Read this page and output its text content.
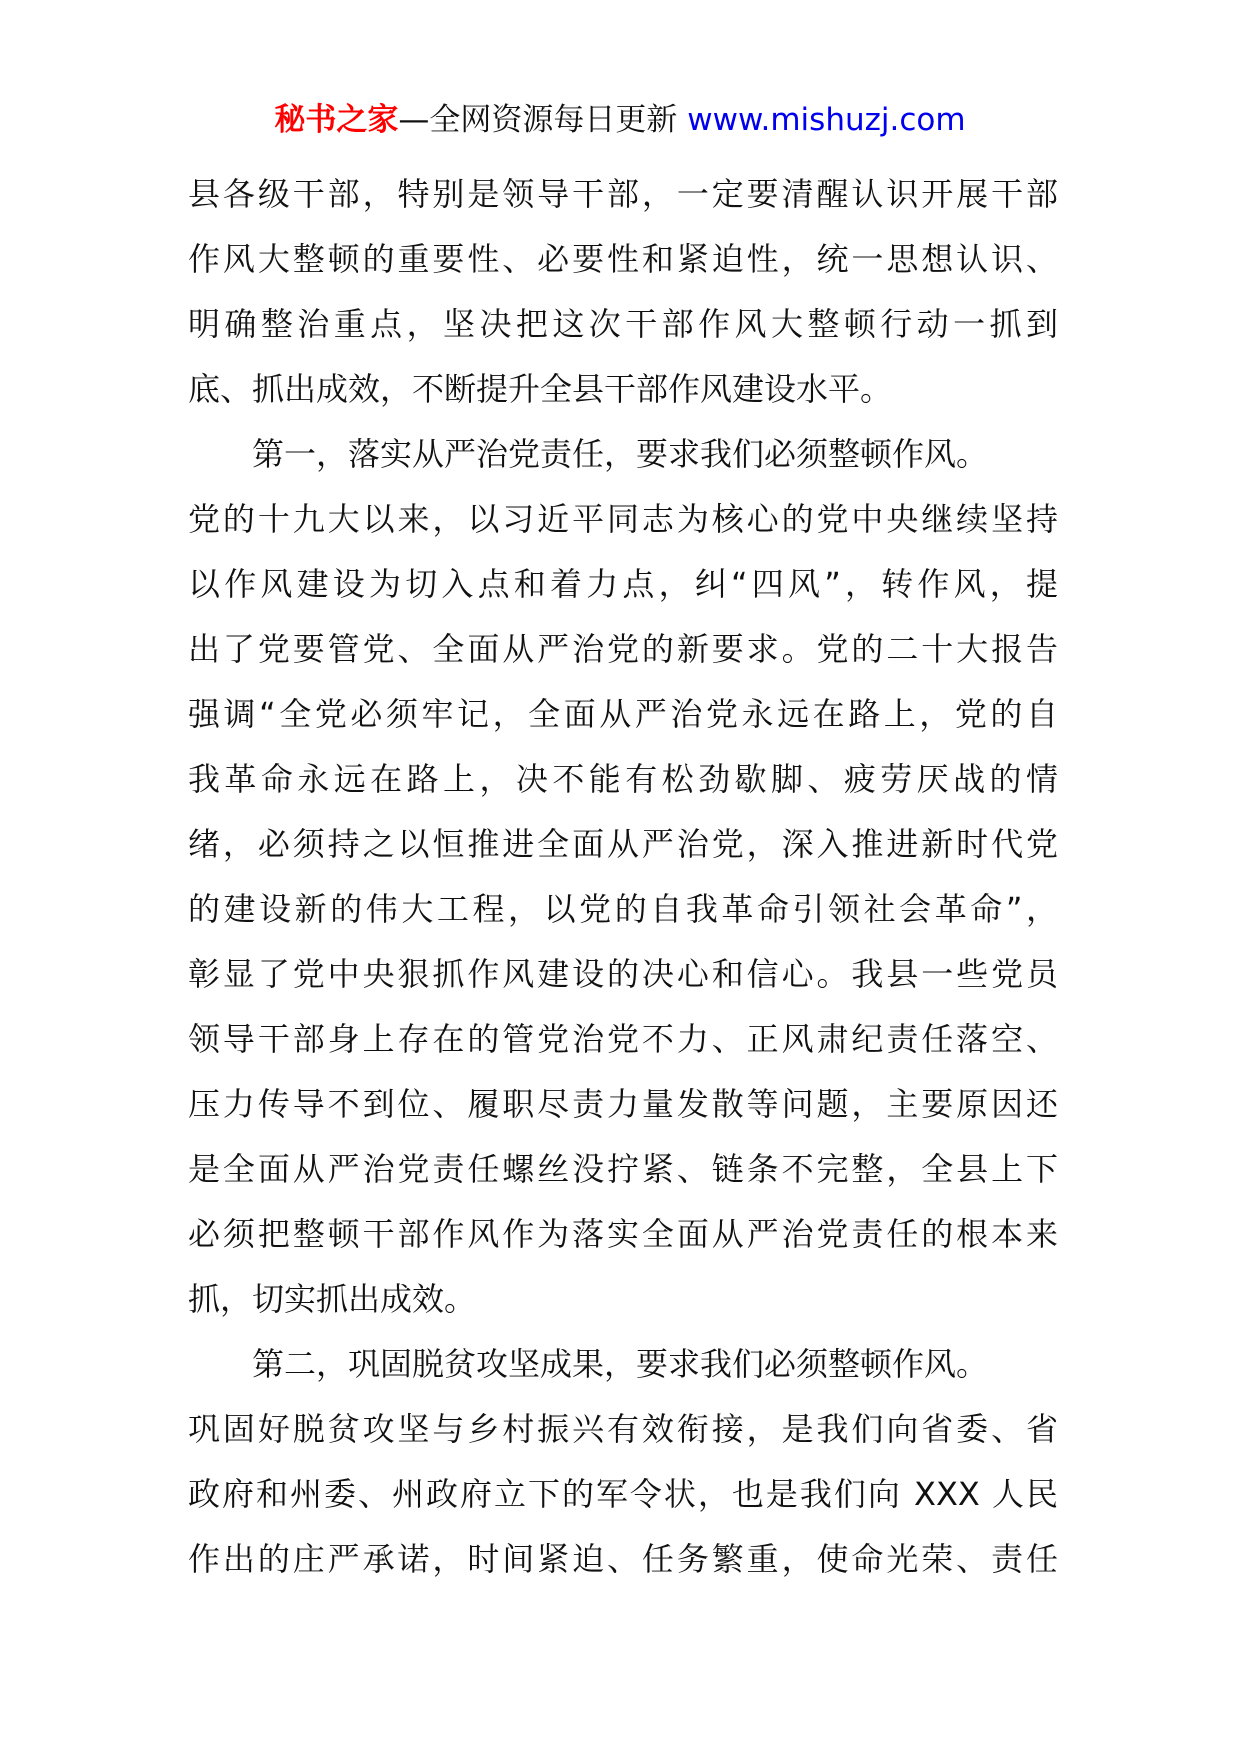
秘书之家—全网资源每日更新 www.mishuzj.com
县各级干部，特别是领导干部，一定要清醒认识开展干部
作风大整顿的重要性、必要性和紧迫性，统一思想认识、
明确整治重点，坚决把这次干部作风大整顿行动一抓到
底、抓出成效，不断提升全县干部作风建设水平。
第一，落实从严治党责任，要求我们必须整顿作风。
党的十九大以来，以习近平同志为核心的党中央继续坚持
以作风建设为切入点和着力点，纠“四风”，转作风，提
出了党要管党、全面从严治党的新要求。党的二十大报告
强调“全党必须牢记，全面从严治党永远在路上，党的自
我革命永远在路上，决不能有松劲歇脚、疲劳厌战的情
绪，必须持之以恒推进全面从严治党，深入推进新时代党
的建设新的伟大工程，以党的自我革命引领社会革命”，
彰显了党中央狠抓作风建设的决心和信心。我县一些党员
领导干部身上存在的管党治党不力、正风肃纪责任落空、
压力传导不到位、履职尽责力量发散等问题，主要原因还
是全面从严治党责任螺丝没拧紧、链条不完整，全县上下
必须把整顿干部作风作为落实全面从严治党责任的根本来
抓，切实抓出成效。
第二，巩固脱贫攻坚成果，要求我们必须整顿作风。
巩固好脱贫攻坚与乡村振兴有效衔接，是我们向省委、省
政府和州委、州政府立下的军令状，也是我们向 XXX 人民
作出的庄严承诺，时间紧迫、任务繁重，使命光荣、责任
